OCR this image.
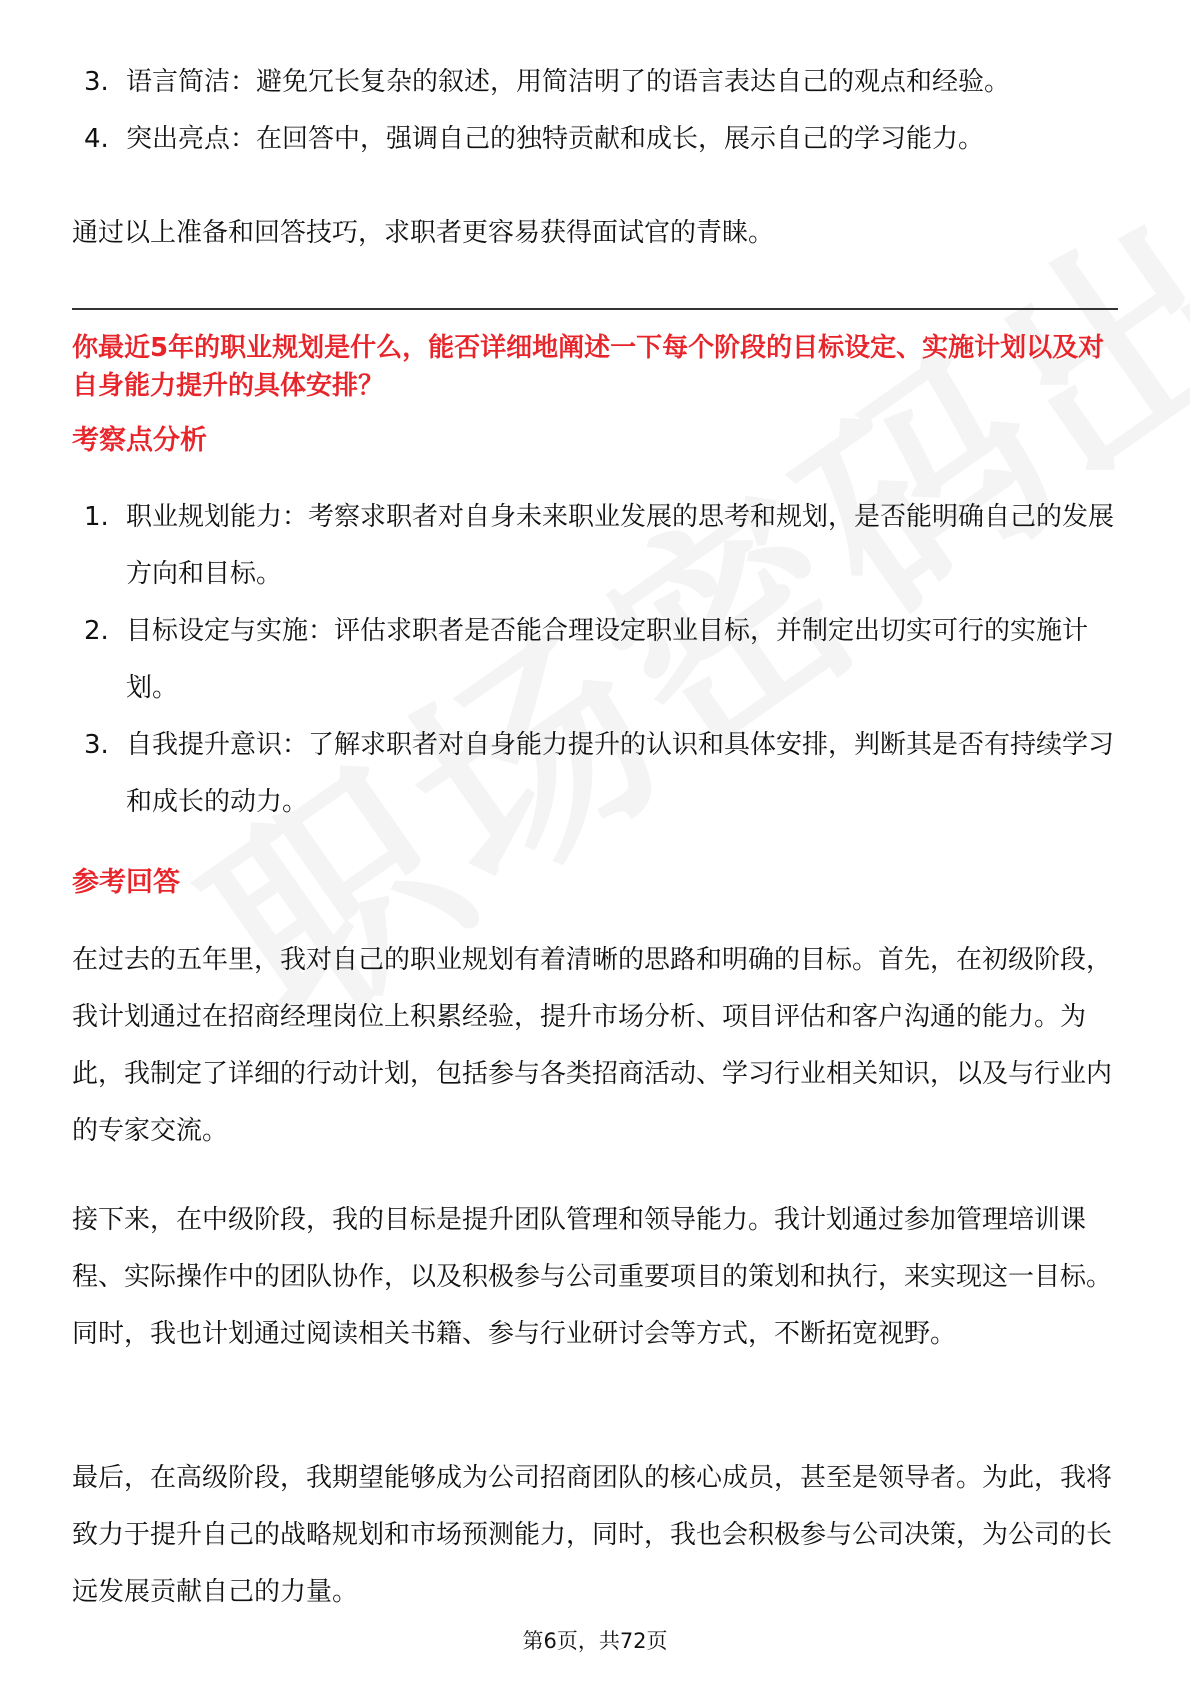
3. 语言简洁：避免冗长复杂的叙述，用简洁明了的语言表达自己的观点和经验。
4. 突出亮点：在回答中，强调自己的独特贡献和成长，展示自己的学习能力。

通过以上准备和回答技巧，求职者更容易获得面试官的青睐。

你最近5年的职业规划是什么，能否详细地阐述一下每个阶段的目标设定、实施计划以及对自身能力提升的具体安排？
考察点分析
1. 职业规划能力：考察求职者对自身未来职业发展的思考和规划，是否能明确自己的发展方向和目标。
2. 目标设定与实施：评估求职者是否能合理设定职业目标，并制定出切实可行的实施计划。
3. 自我提升意识：了解求职者对自身能力提升的认识和具体安排，判断其是否有持续学习和成长的动力。
参考回答

在过去的五年里，我对自己的职业规划有着清晰的思路和明确的目标。首先，在初级阶段，我计划通过在招商经理岗位上积累经验，提升市场分析、项目评估和客户沟通的能力。为此，我制定了详细的行动计划，包括参与各类招商活动、学习行业相关知识，以及与行业内的专家交流。

接下来，在中级阶段，我的目标是提升团队管理和领导能力。我计划通过参加管理培训课程、实际操作中的团队协作，以及积极参与公司重要项目的策划和执行，来实现这一目标。同时，我也计划通过阅读相关书籍、参与行业研讨会等方式，不断拓宽视野。

最后，在高级阶段，我期望能够成为公司招商团队的核心成员，甚至是领导者。为此，我将致力于提升自己的战略规划和市场预测能力，同时，我也会积极参与公司决策，为公司的长远发展贡献自己的力量。

第6页，共72页
